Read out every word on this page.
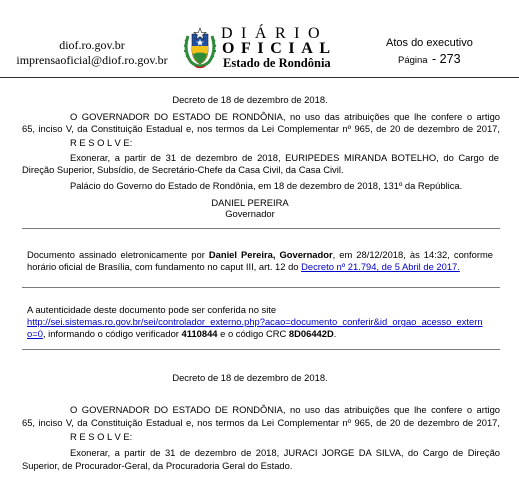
diof.ro.gov.br
imprensaoficial@diof.ro.gov.br
DIÁRIO
OFICIAL
Estado de Rondônia
Atos do executivo
Página - 273
Decreto de 18 de dezembro de 2018.
O GOVERNADOR DO ESTADO DE RONDÔNIA, no uso das atribuições que lhe confere o artigo
65, inciso V, da Constituição Estadual e, nos termos da Lei Complementar nº 965, de 20 de dezembro de 2017,
R E S O L V E:
Exonerar, a partir de 31 de dezembro de 2018, EURIPEDES MIRANDA BOTELHO, do Cargo de
Direção Superior, Subsídio, de Secretário-Chefe da Casa Civil, da Casa Civil.
Palácio do Governo do Estado de Rondônia, em 18 de dezembro de 2018, 131º da República.
DANIEL PEREIRA
Governador
Documento assinado eletronicamente por Daniel Pereira, Governador, em 28/12/2018, às 14:32, conforme
horário oficial de Brasília, com fundamento no caput III, art. 12 do Decreto nº 21.794, de 5 Abril de 2017.
A autenticidade deste documento pode ser conferida no site
http://sei.sistemas.ro.gov.br/sei/controlador_externo.php?acao=documento_conferir&id_orgao_acesso_extern
o=0, informando o código verificador 4110844 e o código CRC 8D06442D.
Decreto de 18 de dezembro de 2018.
O GOVERNADOR DO ESTADO DE RONDÔNIA, no uso das atribuições que lhe confere o artigo
65, inciso V, da Constituição Estadual e, nos termos da Lei Complementar nº 965, de 20 de dezembro de 2017,
R E S O L V E:
Exonerar, a partir de 31 de dezembro de 2018, JURACI JORGE DA SILVA, do Cargo de Direção
Superior, de Procurador-Geral, da Procuradoria Geral do Estado.
